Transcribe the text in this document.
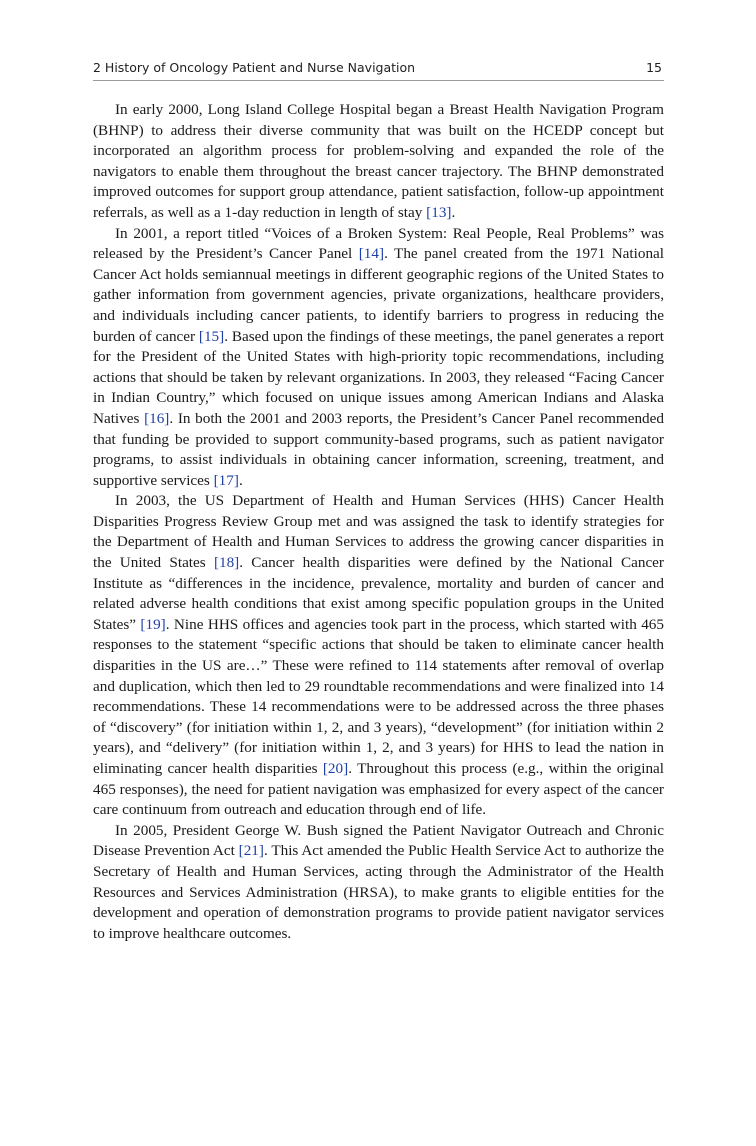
2 History of Oncology Patient and Nurse Navigation	15

In early 2000, Long Island College Hospital began a Breast Health Navigation Program (BHNP) to address their diverse community that was built on the HCEDP concept but incorporated an algorithm process for problem-solving and expanded the role of the navigators to enable them throughout the breast cancer trajectory. The BHNP demonstrated improved outcomes for support group attendance, patient satisfaction, follow-up appointment referrals, as well as a 1-day reduction in length of stay [13].

In 2001, a report titled “Voices of a Broken System: Real People, Real Problems” was released by the President’s Cancer Panel [14]. The panel created from the 1971 National Cancer Act holds semiannual meetings in different geographic regions of the United States to gather information from government agencies, private organizations, healthcare providers, and individuals including cancer patients, to identify barriers to progress in reducing the burden of cancer [15]. Based upon the findings of these meetings, the panel generates a report for the President of the United States with high-priority topic recommendations, including actions that should be taken by relevant organizations. In 2003, they released “Facing Cancer in Indian Country,” which focused on unique issues among American Indians and Alaska Natives [16]. In both the 2001 and 2003 reports, the President’s Cancer Panel recommended that funding be provided to support community-based programs, such as patient navigator programs, to assist individuals in obtaining cancer information, screening, treatment, and supportive services [17].

In 2003, the US Department of Health and Human Services (HHS) Cancer Health Disparities Progress Review Group met and was assigned the task to identify strategies for the Department of Health and Human Services to address the growing cancer disparities in the United States [18]. Cancer health disparities were defined by the National Cancer Institute as “differences in the incidence, prevalence, mortality and burden of cancer and related adverse health conditions that exist among specific population groups in the United States” [19]. Nine HHS offices and agencies took part in the process, which started with 465 responses to the statement “specific actions that should be taken to eliminate cancer health disparities in the US are…” These were refined to 114 statements after removal of overlap and duplication, which then led to 29 roundtable recommendations and were finalized into 14 recommendations. These 14 recommendations were to be addressed across the three phases of “discovery” (for initiation within 1, 2, and 3 years), “development” (for initiation within 2 years), and “delivery” (for initiation within 1, 2, and 3 years) for HHS to lead the nation in eliminating cancer health disparities [20]. Throughout this process (e.g., within the original 465 responses), the need for patient navigation was emphasized for every aspect of the cancer care continuum from outreach and education through end of life.

In 2005, President George W. Bush signed the Patient Navigator Outreach and Chronic Disease Prevention Act [21]. This Act amended the Public Health Service Act to authorize the Secretary of Health and Human Services, acting through the Administrator of the Health Resources and Services Administration (HRSA), to make grants to eligible entities for the development and operation of demonstration programs to provide patient navigator services to improve healthcare outcomes.
